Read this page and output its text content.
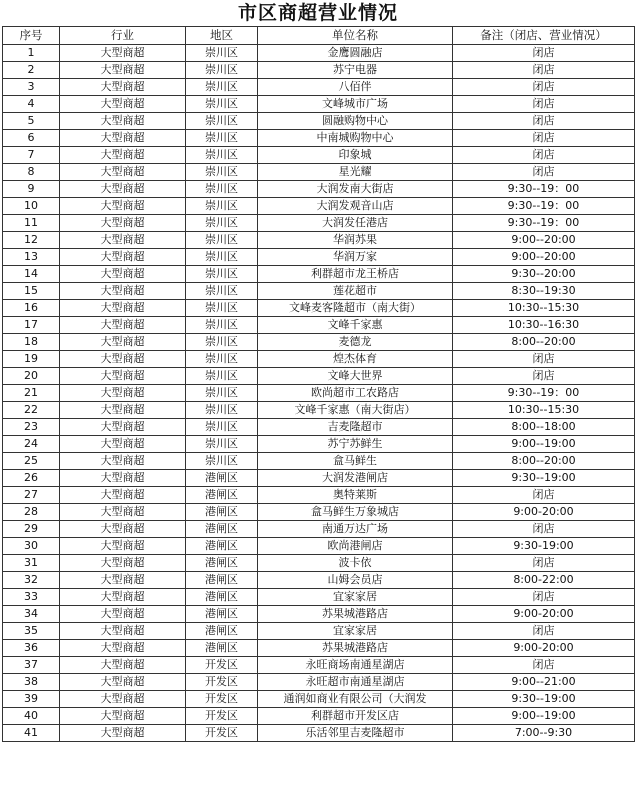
市区商超营业情况
序号	行业	地区	单位名称	备注（闭店、营业情况）
1	大型商超	崇川区	金鹰圆融店	闭店
2	大型商超	崇川区	苏宁电器	闭店
3	大型商超	崇川区	八佰伴	闭店
4	大型商超	崇川区	文峰城市广场	闭店
5	大型商超	崇川区	圆融购物中心	闭店
6	大型商超	崇川区	中南城购物中心	闭店
7	大型商超	崇川区	印象城	闭店
8	大型商超	崇川区	星光耀	闭店
9	大型商超	崇川区	大润发南大街店	9:30--19：00
10	大型商超	崇川区	大润发观音山店	9:30--19：00
11	大型商超	崇川区	大润发任港店	9:30--19：00
12	大型商超	崇川区	华润苏果	9:00--20:00
13	大型商超	崇川区	华润万家	9:00--20:00
14	大型商超	崇川区	利群超市龙王桥店	9:30--20:00
15	大型商超	崇川区	莲花超市	8:30--19:30
16	大型商超	崇川区	文峰麦客隆超市（南大街）	10:30--15:30
17	大型商超	崇川区	文峰千家惠	10:30--16:30
18	大型商超	崇川区	麦德龙	8:00--20:00
19	大型商超	崇川区	煌杰体育	闭店
20	大型商超	崇川区	文峰大世界	闭店
21	大型商超	崇川区	欧尚超市工农路店	9:30--19：00
22	大型商超	崇川区	文峰千家惠（南大街店）	10:30--15:30
23	大型商超	崇川区	吉麦隆超市	8:00--18:00
24	大型商超	崇川区	苏宁苏鲜生	9:00--19:00
25	大型商超	崇川区	盒马鲜生	8:00--20:00
26	大型商超	港闸区	大润发港闸店	9:30--19:00
27	大型商超	港闸区	奥特莱斯	闭店
28	大型商超	港闸区	盒马鲜生万象城店	9:00-20:00
29	大型商超	港闸区	南通万达广场	闭店
30	大型商超	港闸区	欧尚港闸店	9:30-19:00
31	大型商超	港闸区	波卡依	闭店
32	大型商超	港闸区	山姆会员店	8:00-22:00
33	大型商超	港闸区	宜家家居	闭店
34	大型商超	港闸区	苏果城港路店	9:00-20:00
35	大型商超	港闸区	宜家家居	闭店
36	大型商超	港闸区	苏果城港路店	9:00-20:00
37	大型商超	开发区	永旺商场南通星湖店	闭店
38	大型商超	开发区	永旺超市南通星湖店	9:00--21:00
39	大型商超	开发区	通润如商业有限公司（大润发	9:30--19:00
40	大型商超	开发区	利群超市开发区店	9:00--19:00
41	大型商超	开发区	乐活邻里吉麦隆超市	7:00--9:30
